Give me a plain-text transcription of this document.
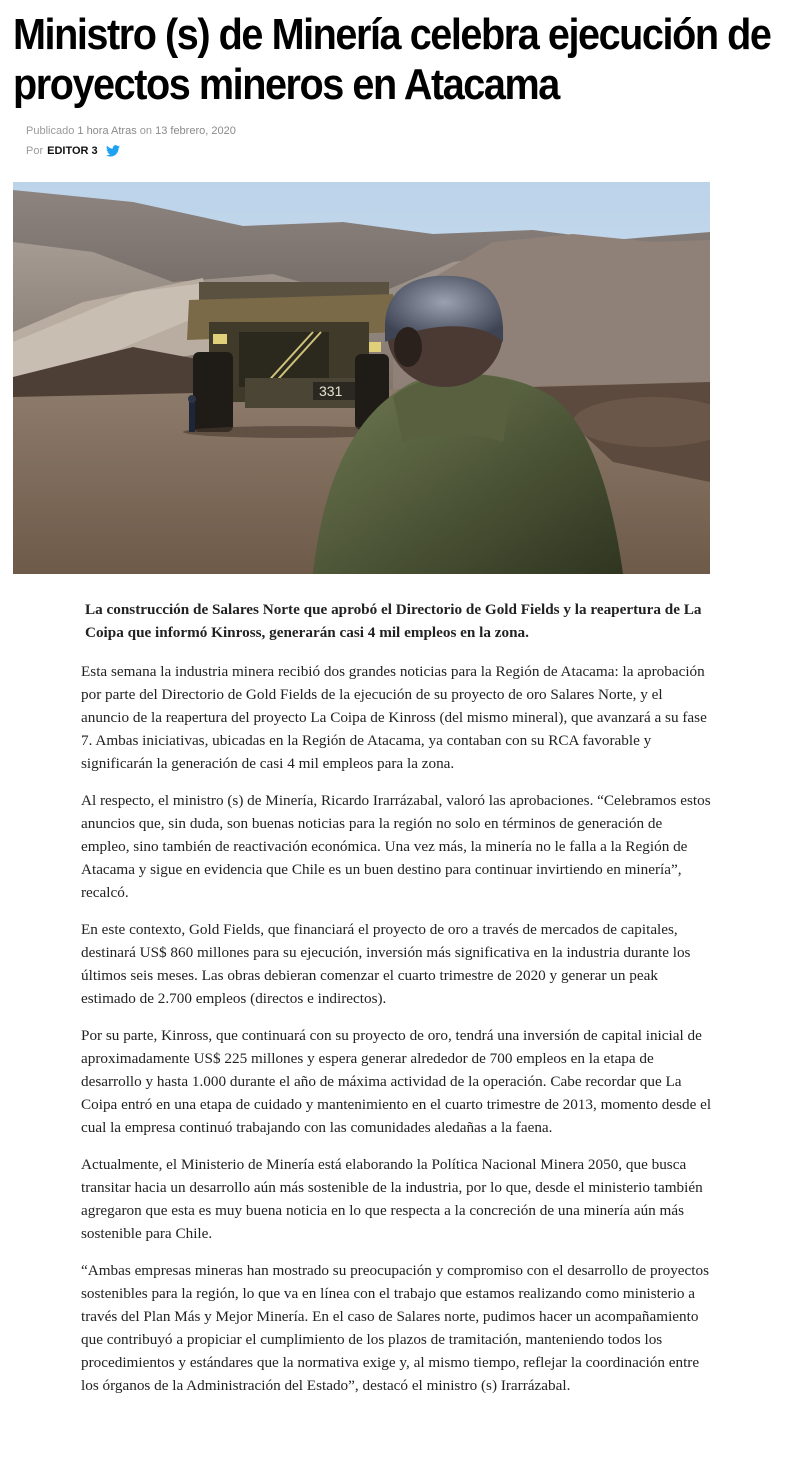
Ministro (s) de Minería celebra ejecución de proyectos mineros en Atacama
Publicado 1 hora Atras on 13 febrero, 2020
Por EDITOR 3
331

La construcción de Salares Norte que aprobó el Directorio de Gold Fields y la reapertura de La Coipa que informó Kinross, generarán casi 4 mil empleos en la zona.

Esta semana la industria minera recibió dos grandes noticias para la Región de Atacama: la aprobación por parte del Directorio de Gold Fields de la ejecución de su proyecto de oro Salares Norte, y el anuncio de la reapertura del proyecto La Coipa de Kinross (del mismo mineral), que avanzará a su fase 7. Ambas iniciativas, ubicadas en la Región de Atacama, ya contaban con su RCA favorable y significarán la generación de casi 4 mil empleos para la zona.

Al respecto, el ministro (s) de Minería, Ricardo Irarrázabal, valoró las aprobaciones. “Celebramos estos anuncios que, sin duda, son buenas noticias para la región no solo en términos de generación de empleo, sino también de reactivación económica. Una vez más, la minería no le falla a la Región de Atacama y sigue en evidencia que Chile es un buen destino para continuar invirtiendo en minería”, recalcó.

En este contexto, Gold Fields, que financiará el proyecto de oro a través de mercados de capitales, destinará US$ 860 millones para su ejecución, inversión más significativa en la industria durante los últimos seis meses. Las obras debieran comenzar el cuarto trimestre de 2020 y generar un peak estimado de 2.700 empleos (directos e indirectos).

Por su parte, Kinross, que continuará con su proyecto de oro, tendrá una inversión de capital inicial de aproximadamente US$ 225 millones y espera generar alrededor de 700 empleos en la etapa de desarrollo y hasta 1.000 durante el año de máxima actividad de la operación. Cabe recordar que La Coipa entró en una etapa de cuidado y mantenimiento en el cuarto trimestre de 2013, momento desde el cual la empresa continuó trabajando con las comunidades aledañas a la faena.

Actualmente, el Ministerio de Minería está elaborando la Política Nacional Minera 2050, que busca transitar hacia un desarrollo aún más sostenible de la industria, por lo que, desde el ministerio también agregaron que esta es muy buena noticia en lo que respecta a la concreción de una minería aún más sostenible para Chile.

“Ambas empresas mineras han mostrado su preocupación y compromiso con el desarrollo de proyectos sostenibles para la región, lo que va en línea con el trabajo que estamos realizando como ministerio a través del Plan Más y Mejor Minería. En el caso de Salares norte, pudimos hacer un acompañamiento que contribuyó a propiciar el cumplimiento de los plazos de tramitación, manteniendo todos los procedimientos y estándares que la normativa exige y, al mismo tiempo, reflejar la coordinación entre los órganos de la Administración del Estado”, destacó el ministro (s) Irarrázabal.
